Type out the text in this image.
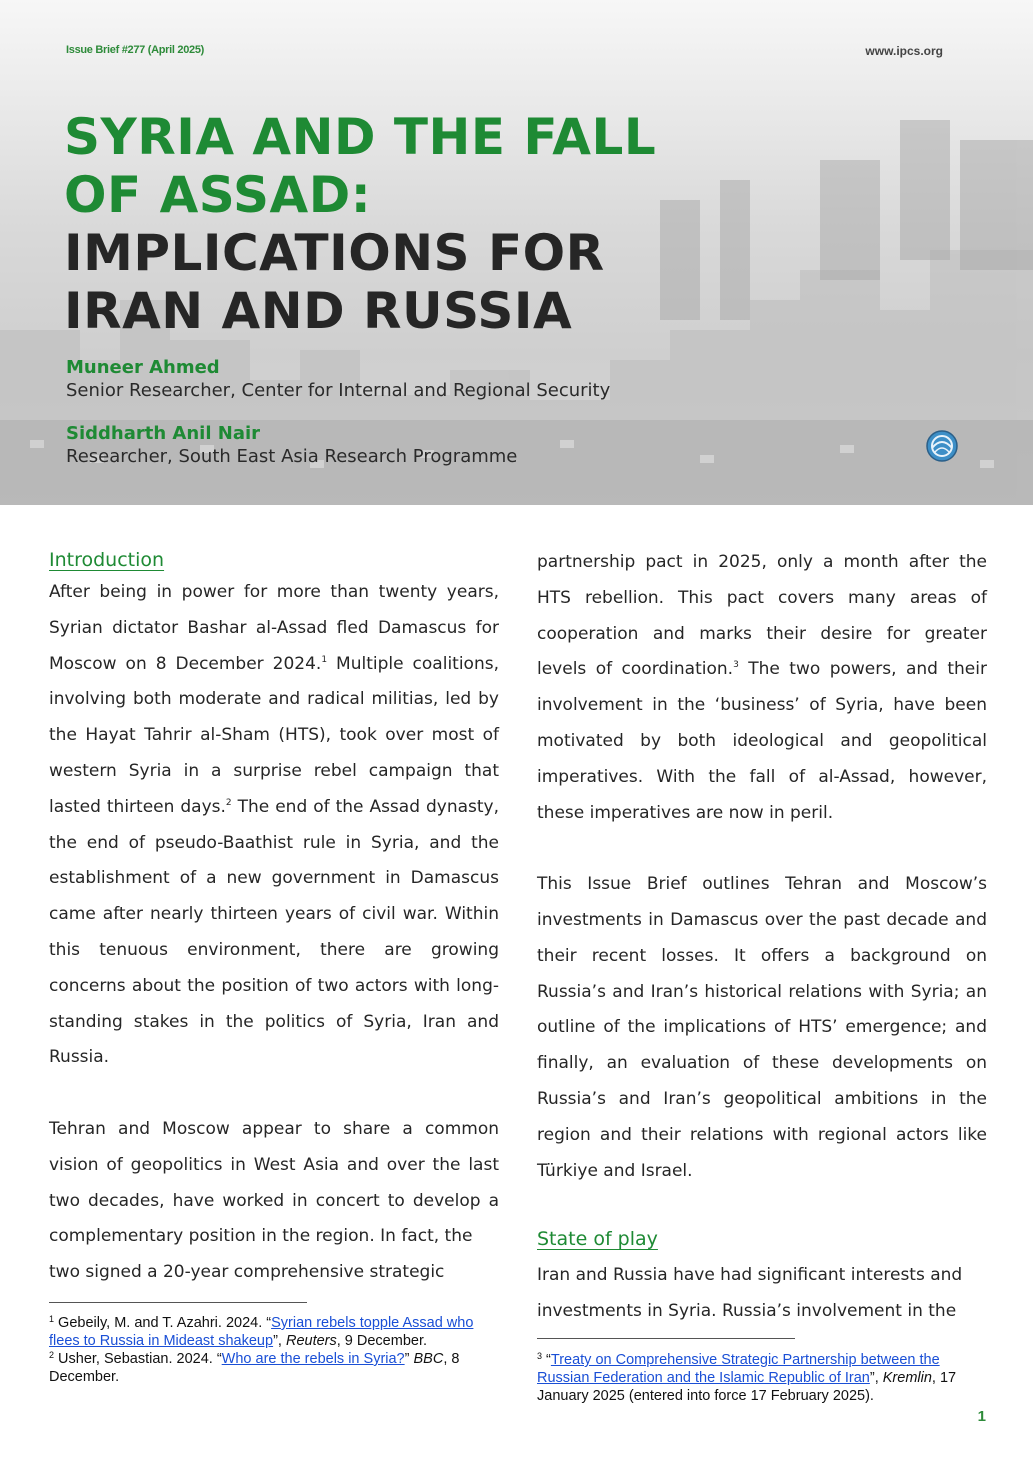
Issue Brief #277 (April 2025)	www.ipcs.org
SYRIA AND THE FALL
OF ASSAD:
IMPLICATIONS FOR
IRAN AND RUSSIA
Muneer Ahmed
Senior Researcher, Center for Internal and Regional Security
Siddharth Anil Nair
Researcher, South East Asia Research Programme
Introduction

After being in power for more than twenty years, Syrian dictator Bashar al-Assad fled Damascus for Moscow on 8 December 2024.$^1$ Multiple coalitions, involving both moderate and radical militias, led by the Hayat Tahrir al-Sham (HTS), took over most of western Syria in a surprise rebel campaign that lasted thirteen days.$^2$ The end of the Assad dynasty, the end of pseudo-Baathist rule in Syria, and the establishment of a new government in Damascus came after nearly thirteen years of civil war. Within this tenuous environment, there are growing concerns about the position of two actors with long-standing stakes in the politics of Syria, Iran and Russia.

Tehran and Moscow appear to share a common vision of geopolitics in West Asia and over the last two decades, have worked in concert to develop a complementary position in the region. In fact, the
two signed a 20-year comprehensive strategic

partnership pact in 2025, only a month after the HTS rebellion. This pact covers many areas of cooperation and marks their desire for greater levels of coordination.$^3$ The two powers, and their involvement in the ‘business’ of Syria, have been motivated by both ideological and geopolitical imperatives. With the fall of al-Assad, however, these imperatives are now in peril.

This Issue Brief outlines Tehran and Moscow’s investments in Damascus over the past decade and their recent losses. It offers a background on Russia’s and Iran’s historical relations with Syria; an outline of the implications of HTS’ emergence; and finally, an evaluation of these developments on Russia’s and Iran’s geopolitical ambitions in the region and their relations with regional actors like Türkiye and Israel.

State of play

Iran and Russia have had significant interests and
investments in Syria. Russia’s involvement in the

$^1$ Gebeily, M. and T. Azahri. 2024. “Syrian rebels topple Assad who flees to Russia in Mideast shakeup”, Reuters, 9 December.

$^2$ Usher, Sebastian. 2024. “Who are the rebels in Syria?” BBC, 8 December.

$^3$ “Treaty on Comprehensive Strategic Partnership between the Russian Federation and the Islamic Republic of Iran”, Kremlin, 17 January 2025 (entered into force 17 February 2025).

1
